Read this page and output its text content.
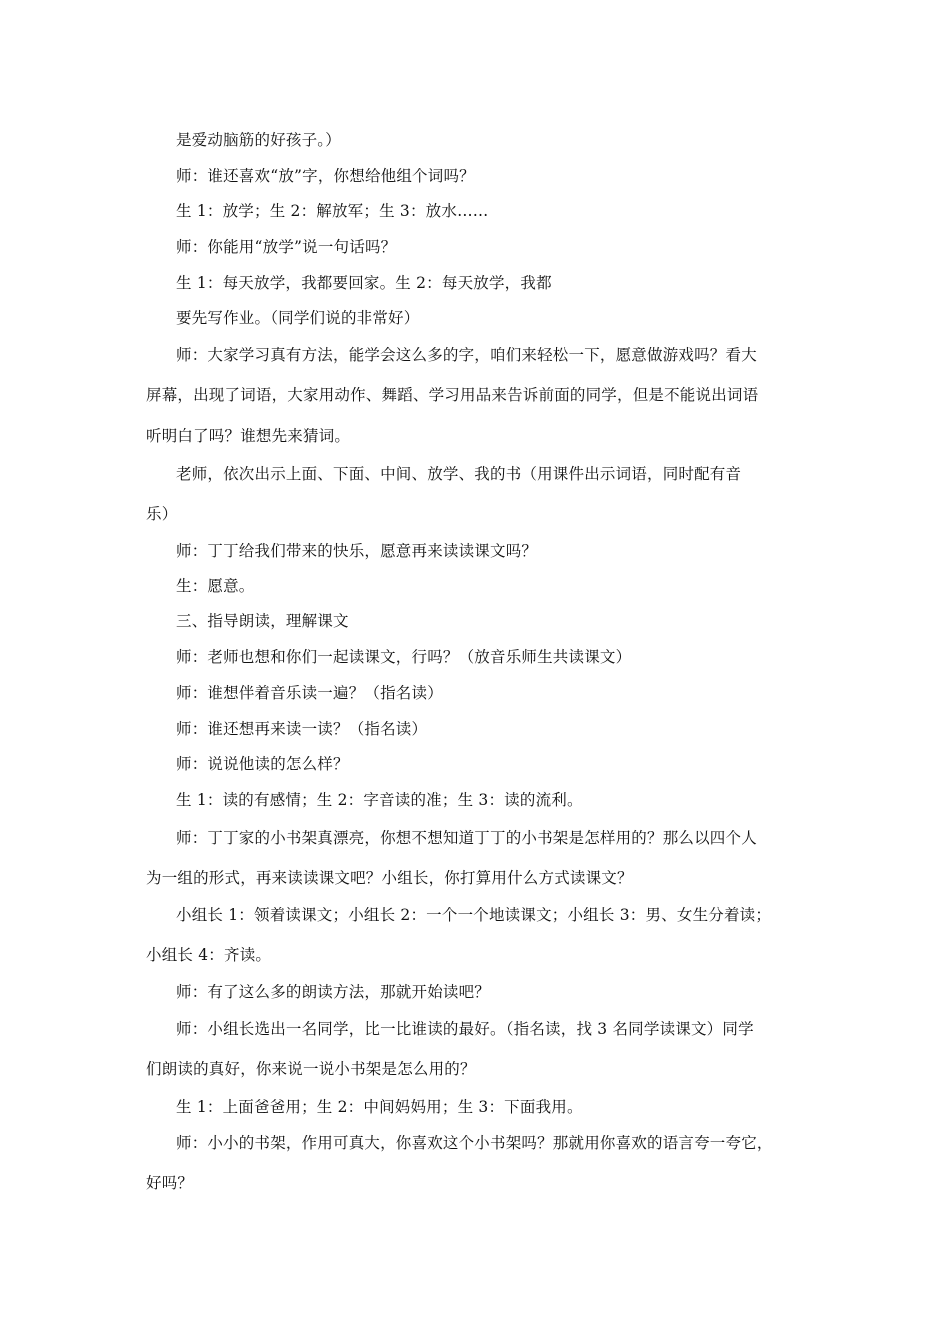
是爱动脑筋的好孩子。）
师：谁还喜欢“放”字，你想给他组个词吗？
生 1：放学；生 2：解放军；生 3：放水……
师：你能用“放学”说一句话吗？
生 1：每天放学，我都要回家。生 2：每天放学，我都
要先写作业。（同学们说的非常好）
师：大家学习真有方法，能学会这么多的字，咱们来轻松一下，愿意做游戏吗？看大
屏幕，出现了词语，大家用动作、舞蹈、学习用品来告诉前面的同学，但是不能说出词语
听明白了吗？谁想先来猜词。
老师，依次出示上面、下面、中间、放学、我的书（用课件出示词语，同时配有音
乐）
师：丁丁给我们带来的快乐，愿意再来读读课文吗？
生：愿意。
三、指导朗读，理解课文
师：老师也想和你们一起读课文，行吗？（放音乐师生共读课文）
师：谁想伴着音乐读一遍？（指名读）
师：谁还想再来读一读？（指名读）
师：说说他读的怎么样？
生 1：读的有感情；生 2：字音读的准；生 3：读的流利。
师：丁丁家的小书架真漂亮，你想不想知道丁丁的小书架是怎样用的？那么以四个人
为一组的形式，再来读读课文吧？小组长，你打算用什么方式读课文？
小组长 1：领着读课文；小组长 2：一个一个地读课文；小组长 3：男、女生分着读；
小组长 4：齐读。
师：有了这么多的朗读方法，那就开始读吧？
师：小组长选出一名同学，比一比谁读的最好。（指名读，找 3 名同学读课文）同学
们朗读的真好，你来说一说小书架是怎么用的？
生 1：上面爸爸用；生 2：中间妈妈用；生 3：下面我用。
师：小小的书架，作用可真大，你喜欢这个小书架吗？那就用你喜欢的语言夸一夸它，
好吗？
